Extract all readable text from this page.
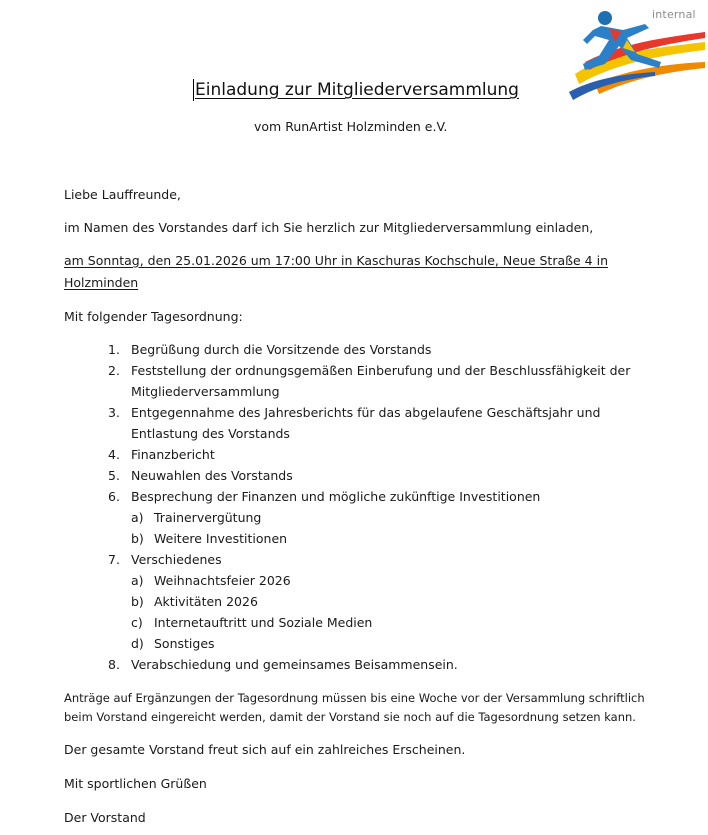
internal
Einladung zur Mitgliederversammlung
vom RunArtist Holzminden e.V.
Liebe Lauffreunde,
im Namen des Vorstandes darf ich Sie herzlich zur Mitgliederversammlung einladen,
am Sonntag, den 25.01.2026 um 17:00 Uhr in Kaschuras Kochschule, Neue Straße 4 in
Holzminden
Mit folgender Tagesordnung:
1. Begrüßung durch die Vorsitzende des Vorstands
2. Feststellung der ordnungsgemäßen Einberufung und der Beschlussfähigkeit der
Mitgliederversammlung
3. Entgegennahme des Jahresberichts für das abgelaufene Geschäftsjahr und
Entlastung des Vorstands
4. Finanzbericht
5. Neuwahlen des Vorstands
6. Besprechung der Finanzen und mögliche zukünftige Investitionen
a) Trainervergütung
b) Weitere Investitionen
7. Verschiedenes
a) Weihnachtsfeier 2026
b) Aktivitäten 2026
c) Internetauftritt und Soziale Medien
d) Sonstiges
8. Verabschiedung und gemeinsames Beisammensein.
Anträge auf Ergänzungen der Tagesordnung müssen bis eine Woche vor der Versammlung schriftlich
beim Vorstand eingereicht werden, damit der Vorstand sie noch auf die Tagesordnung setzen kann.
Der gesamte Vorstand freut sich auf ein zahlreiches Erscheinen.
Mit sportlichen Grüßen
Der Vorstand
